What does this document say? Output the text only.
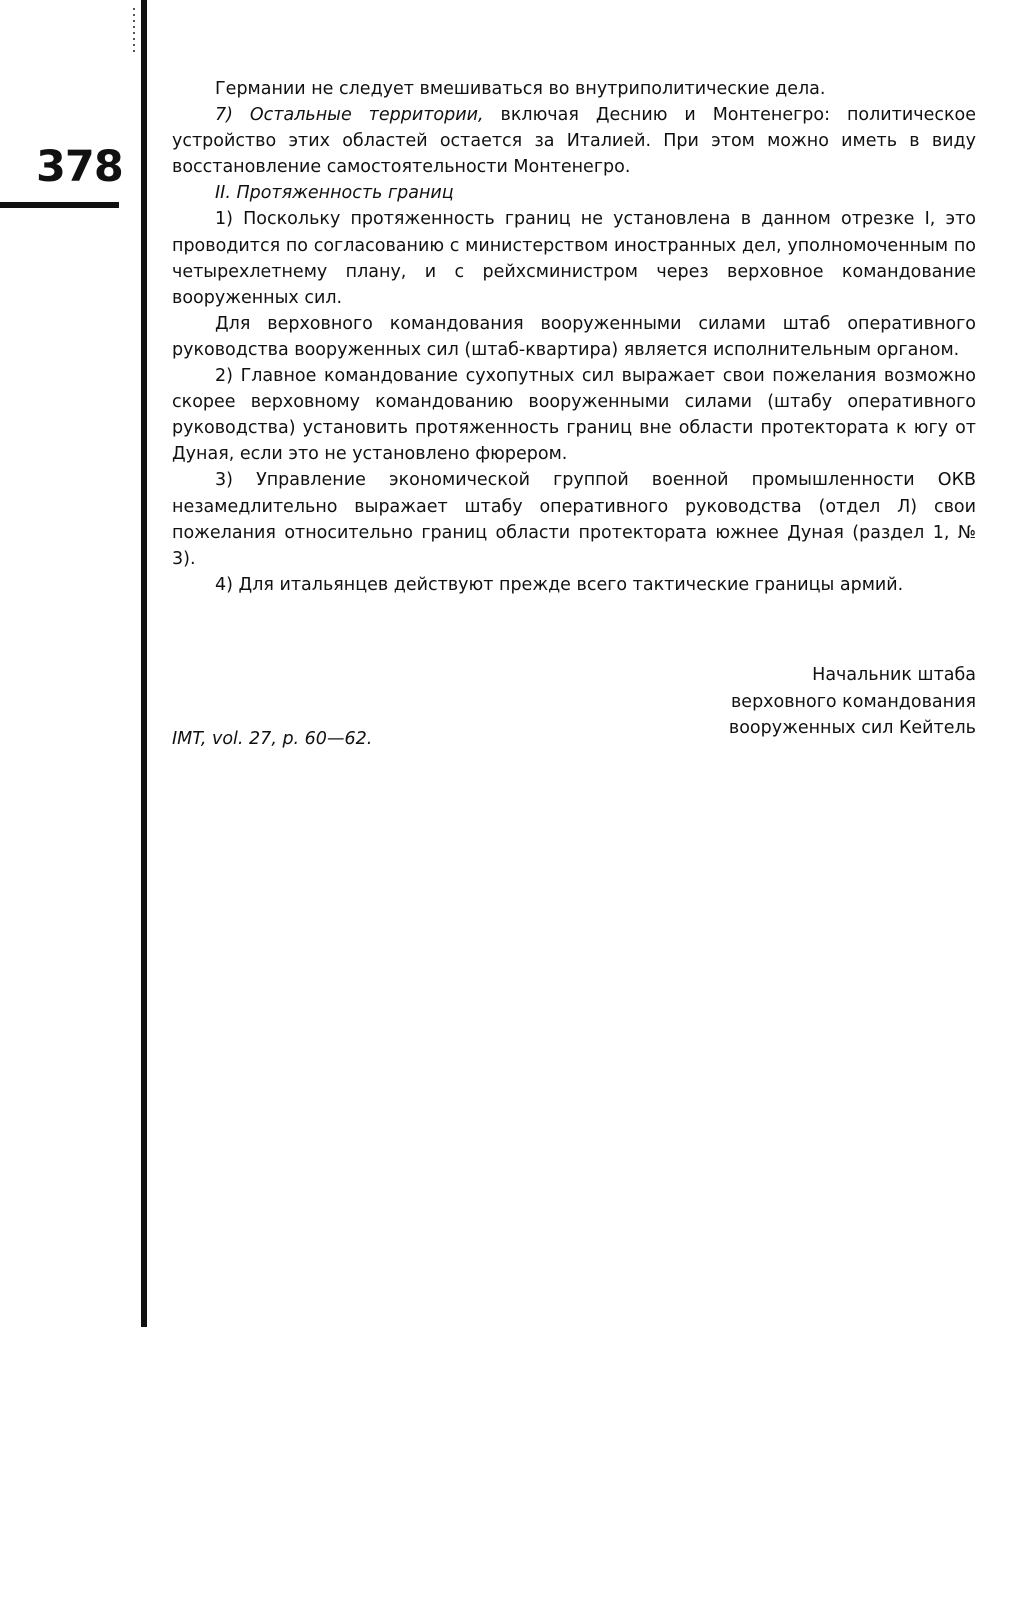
378

Германии не следует вмешиваться во внутриполитические дела.

7) Остальные территории, включая Деснию и Монтенегро: политическое устройство этих областей остается за Италией. При этом можно иметь в виду восстановление самостоятельности Монтенегро.

II. Протяженность границ

1) Поскольку протяженность границ не установлена в данном отрезке I, это проводится по согласованию с министерством иностранных дел, уполномоченным по четырехлетнему плану, и с рейхсминистром через верховное командование вооруженных сил.

Для верховного командования вооруженными силами штаб оперативного руководства вооруженных сил (штаб-квартира) является исполнительным органом.

2) Главное командование сухопутных сил выражает свои пожелания возможно скорее верховному командованию вооруженными силами (штабу оперативного руководства) установить протяженность границ вне области протектората к югу от Дуная, если это не установлено фюрером.

3) Управление экономической группой военной промышленности ОКВ незамедлительно выражает штабу оперативного руководства (отдел Л) свои пожелания относительно границ области протектората южнее Дуная (раздел 1, № 3).

4) Для итальянцев действуют прежде всего тактические границы армий.

Начальник штаба
верховного командования
вооруженных сил Кейтель
IMT, vol. 27, p. 60—62.
